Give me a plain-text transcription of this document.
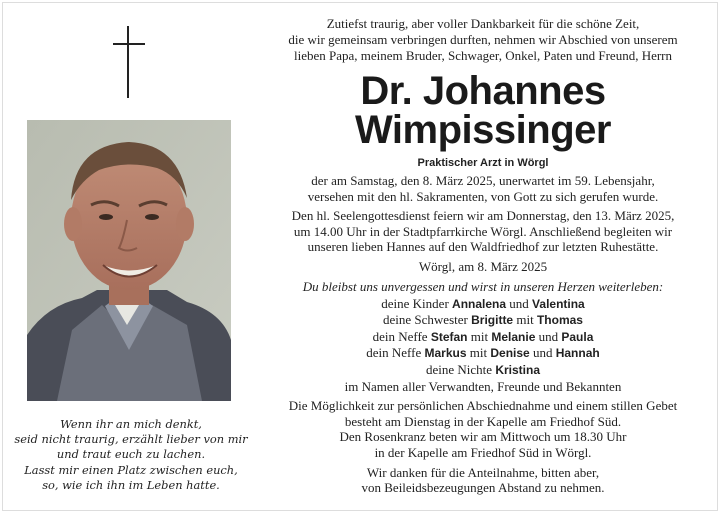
Wenn ihr an mich denkt,
seid nicht traurig, erzählt lieber von mir
und traut euch zu lachen.
Lasst mir einen Platz zwischen euch,
so, wie ich ihn im Leben hatte.
Zutiefst traurig, aber voller Dankbarkeit für die schöne Zeit,
die wir gemeinsam verbringen durften, nehmen wir Abschied von unserem
lieben Papa, meinem Bruder, Schwager, Onkel, Paten und Freund, Herrn
Dr. Johannes
Wimpissinger
Praktischer Arzt in Wörgl
der am Samstag, den 8. März 2025, unerwartet im 59. Lebensjahr,
versehen mit den hl. Sakramenten, von Gott zu sich gerufen wurde.
Den hl. Seelengottesdienst feiern wir am Donnerstag, den 13. März 2025,
um 14.00 Uhr in der Stadtpfarrkirche Wörgl. Anschließend begleiten wir
unseren lieben Hannes auf den Waldfriedhof zur letzten Ruhestätte.
Wörgl, am 8. März 2025
Du bleibst uns unvergessen und wirst in unseren Herzen weiterleben:
deine Kinder Annalena und Valentina
deine Schwester Brigitte mit Thomas
dein Neffe Stefan mit Melanie und Paula
dein Neffe Markus mit Denise und Hannah
deine Nichte Kristina
im Namen aller Verwandten, Freunde und Bekannten
Die Möglichkeit zur persönlichen Abschiednahme und einem stillen Gebet
besteht am Dienstag in der Kapelle am Friedhof Süd.
Den Rosenkranz beten wir am Mittwoch um 18.30 Uhr
in der Kapelle am Friedhof Süd in Wörgl.
Wir danken für die Anteilnahme, bitten aber,
von Beileidsbezeugungen Abstand zu nehmen.
